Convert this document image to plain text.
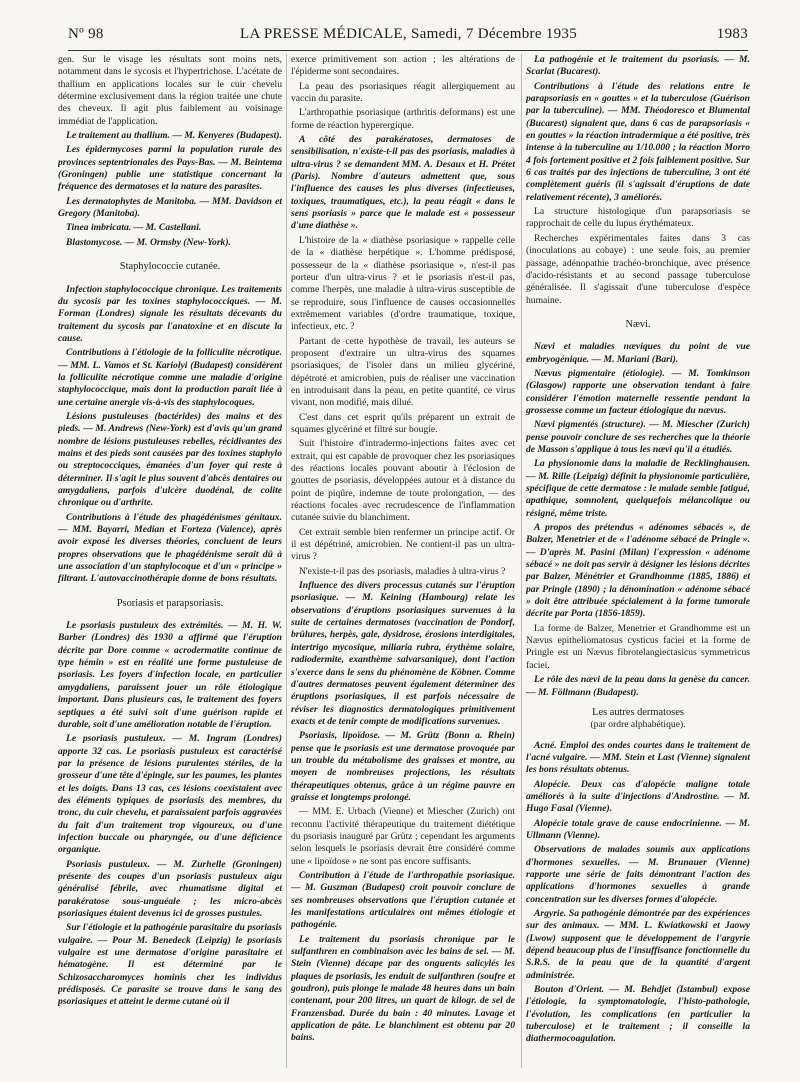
Nº 98	LA PRESSE MÉDICALE, Samedi, 7 Décembre 1935	1983

gen. Sur le visage les résultats sont moins nets, notamment dans le sycosis et l'hypertrichose. L'acétate de thallium en applications locales sur le cuir chevelu détermine exclusivement dans la région traitée une chute des cheveux. Il agit plus faiblement au voisinage immédiat de l'application.

Le traitement au thallium. — M. Kenyeres (Budapest).

Les épidermycoses parmi la population rurale des provinces septentrionales des Pays-Bas. — M. Beintema (Groningen) publie une statistique concernant la fréquence des dermatoses et la nature des parasites.

Les dermatophytes de Manitoba. — MM. Davidson et Gregory (Manitoba).

Tinea imbricata. — M. Castellani.

Blastomycose. — M. Ormsby (New-York).

Staphylococcie cutanée.

Infection staphylococcique chronique. Les traitements du sycosis par les toxines staphylococciques. — M. Forman (Londres) signale les résultats décevants du traitement du sycosis par l'anatoxine et en discute la cause.

Contributions à l'étiologie de la folliculite nécrotique. — MM. L. Vamos et St. Kariolyi (Budapest) considèrent la folliculite nécrotique comme une maladie d'origine staphylococcique, mais dont la production paraît liée à une certaine anergie vis-à-vis des staphylocoques.

Lésions pustuleuses (bactérides) des mains et des pieds. — M. Andrews (New-York) est d'avis qu'un grand nombre de lésions pustuleuses rebelles, récidivantes des mains et des pieds sont causées par des toxines staphylo ou streptococciques, émanées d'un foyer qui reste à déterminer. Il s'agit le plus souvent d'abcès dentaires ou amygdaliens, parfois d'ulcère duodénal, de colite chronique ou d'arthrite.

Contributions à l'étude des phagédénismes génitaux. — MM. Bayarri, Median et Forteza (Valence), après avoir exposé les diverses théories, concluent de leurs propres observations que le phagédénisme serait dû à une association d'un staphylocoque et d'un « principe » filtrant. L'autovaccinothérapie donne de bons résultats.

Psoriasis et parapsoriasis.

Le psoriasis pustuleux des extrémités. — M. H. W. Barber (Londres) dès 1930 a affirmé que l'éruption décrite par Dore comme « acrodermatite continue de type hémin » est en réalité une forme pustuleuse de psoriasis. Les foyers d'infection locale, en particulier amygdaliens, paraissent jouer un rôle étiologique important. Dans plusieurs cas, le traitement des foyers septiques a été suivi soit d'une guérison rapide et durable, soit d'une amélioration notable de l'éruption.

Le psoriasis pustuleux. — M. Ingram (Londres) apporte 32 cas. Le psoriasis pustuleux est caractérisé par la présence de lésions purulentes stériles, de la grosseur d'une tête d'épingle, sur les paumes, les plantes et les doigts. Dans 13 cas, ces lésions coexistaient avec des éléments typiques de psoriasis des membres, du tronc, du cuir chevelu, et paraissaient parfois aggravées du fait d'un traitement trop vigoureux, ou d'une infection buccale ou pharyngée, ou d'une déficience organique.

Psoriasis pustuleux. — M. Zurhelle (Groningen) présente des coupes d'un psoriasis pustuleux aigu généralisé fébrile, avec rhumatisme digital et parakératose sous-unguéale ; les micro-abcès psoriasiques étaient devenus ici de grosses pustules.

Sur l'étiologie et la pathogénie parasitaire du psoriasis vulgaire. — Pour M. Benedeck (Leipzig) le psoriasis vulgaire est une dermatose d'origine parasitaire et hématogène. Il est déterminé par le Schizosaccharomyces hominis chez les individus prédisposés. Ce parasite se trouve dans le sang des psoriasiques et atteint le derme cutané où il

exerce primitivement son action ; les altérations de l'épiderme sont secondaires.

La peau des psoriasiques réagit allergiquement au vaccin du parasite.

L'arthropathie psoriasique (arthritis deformans) est une forme de réaction hyperergique.

A côté des parakératoses, dermatoses de sensibilisation, n'existe-t-il pas des psoriasis, maladies à ultra-virus ? se demandent MM. A. Desaux et H. Prétet (Paris). Nombre d'auteurs admettent que, sous l'influence des causes les plus diverses (infectieuses, toxiques, traumatiques, etc.), la peau réagit « dans le sens psoriasis » parce que le malade est « possesseur d'une diathèse ».

L'histoire de la « diathèse psoriasique » rappelle celle de la « diathèse herpétique ». L'homme prédisposé, possesseur de la « diathèse psoriasique », n'est-il pas porteur d'un ultra-virus ? et le psoriasis n'est-il pas, comme l'herpès, une maladie à ultra-virus susceptible de se reproduire, sous l'influence de causes occasionnelles extrêmement variables (d'ordre traumatique, toxique, infectieux, etc. ?

Partant de cette hypothèse de travail, les auteurs se proposent d'extraire un ultra-virus des squames psoriasiques, de l'isoler dans un milieu glycériné, dépétroté et amicrobien, puis de réaliser une vaccination en introduisant dans la peau, en petite quantité, ce virus vivant, non modifié, mais dilué.

C'est dans cet esprit qu'ils préparent un extrait de squames glycériné et filtré sur bougie.

Suit l'histoire d'intradermo-injections faites avec cet extrait, qui est capable de provoquer chez les psoriasiques des réactions locales pouvant aboutir à l'éclosion de gouttes de psoriasis, développées autour et à distance du point de piqûre, indemne de toute prolongation, — des réactions focales avec recrudescence de l'inflammation cutanée suivie du blanchiment.

Cet extrait semble bien renfermer un principe actif. Or il est dépétriné, amicrobien. Ne contient-il pas un ultra-virus ?

N'existe-t-il pas des psoriasis, maladies à ultra-virus ?

Influence des divers processus cutanés sur l'éruption psoriasique. — M. Keining (Hambourg) relate les observations d'éruptions psoriasiques survenues à la suite de certaines dermatoses (vaccination de Pondorf, brûlures, herpès, gale, dysidrose, érosions interdigitales, intertrigo mycosique, miliaria rubra, érythème solaire, radiodermite, exanthème salvarsanique), dont l'action s'exerce dans le sens du phénomène de Köbner. Comme d'autres dermatoses peuvent également déterminer des éruptions psoriasiques, il est parfois nécessaire de réviser les diagnostics dermatologiques primitivement exacts et de tenir compte de modifications survenues.

Psoriasis, lipoïdose. — M. Grütz (Bonn a. Rhein) pense que le psoriasis est une dermatose provoquée par un trouble du métabolisme des graisses et montre, au moyen de nombreuses projections, les résultats thérapeutiques obtenus, grâce à un régime pauvre en graisse et longtemps prolongé.

— MM. E. Urbach (Vienne) et Miescher (Zurich) ont reconnu l'activité thérapeutique du traitement diététique du psoriasis inauguré par Grütz ; cependant les arguments selon lesquels le psoriasis devrait être considéré comme une « lipoïdose » ne sont pas encore suffisants.

Contribution à l'étude de l'arthropathie psoriasique. — M. Guszman (Budapest) croit pouvoir conclure de ses nombreuses observations que l'éruption cutanée et les manifestations articulaires ont mêmes étiologie et pathogénie.

Le traitement du psoriasis chronique par le sulfanthren en combinaison avec les bains de sel. — M. Stein (Vienne) décape par des onguents salicylés les plaques de psoriasis, les enduit de sulfanthren (soufre et goudron), puis plonge le malade 48 heures dans un bain contenant, pour 200 litres, un quart de kilogr. de sel de Franzensbad. Durée du bain : 40 minutes. Lavage et application de pâte. Le blanchiment est obtenu par 20 bains.

La pathogénie et le traitement du psoriasis. — M. Scarlat (Bucarest).

Contributions à l'étude des relations entre le parapsoriasis en « gouttes » et la tuberculose (Guérison par la tuberculine). — MM. Théodoresco et Blumental (Bucarest) signalent que, dans 6 cas de parapsoriasis « en gouttes » la réaction intradermique a été positive, très intense à la tuberculine au 1/10.000 ; la réaction Morro 4 fois fortement positive et 2 fois faiblement positive. Sur 6 cas traités par des injections de tuberculine, 3 ont été complètement guéris (il s'agissait d'éruptions de date relativement récente), 3 améliorés.

La structure histologique d'un parapsoriasis se rapprochait de celle du lupus érythémateux.

Recherches expérimentales faites dans 3 cas (inoculations au cobaye) : une seule fois, au premier passage, adénopathie trachéo-bronchique, avec présence d'acido-résistants et au second passage tuberculose généralisée. Il s'agissait d'une tuberculose d'espèce humaine.

Nævi.

Nævi et maladies næviques du point de vue embryogénique. — M. Mariani (Bari).

Nævus pigmentaire (étiologie). — M. Tomkinson (Glasgow) rapporte une observation tendant à faire considérer l'émotion maternelle ressentie pendant la grossesse comme un facteur étiologique du nævus.

Nævi pigmentés (structure). — M. Miescher (Zurich) pense pouvoir conclure de ses recherches que la théorie de Masson s'applique à tous les nævi qu'il a étudiés.

La physionomie dans la maladie de Recklinghausen. — M. Rille (Leipzig) définit la physionomie particulière, spécifique de cette dermatose : le malade semble fatigué, apathique, somnolent, quelquefois mélancolique ou résigné, même triste.

A propos des prétendus « adénomes sébacés », de Balzer, Menetrier et de « l'adénome sébacé de Pringle ». — D'après M. Pasini (Milan) l'expression « adénome sébacé » ne doit pas servir à désigner les lésions décrites par Balzer, Ménétrier et Grandhomme (1885, 1886) et par Pringle (1890) ; la dénomination « adénome sébacé » doit être attribuée spécialement à la forme tumorale décrite par Porta (1856-1859).

La forme de Balzer, Menetrier et Grandhomme est un Nævus epitheliomatosus cysticus faciei et la forme de Pringle est un Nævus fibrotelangiectasicus symmetricus faciei.

Le rôle des nævi de la peau dans la genèse du cancer. — M. Föllmann (Budapest).

Les autres dermatoses
(par ordre alphabétique).

Acné. Emploi des ondes courtes dans le traitement de l'acné vulgaire. — MM. Stein et Last (Vienne) signalent les bons résultats obtenus.

Alopécie. Deux cas d'alopécie maligne totale améliorés à la suite d'injections d'Androstine. — M. Hugo Fasal (Vienne).

Alopécie totale grave de cause endocrinienne. — M. Ullmann (Vienne).

Observations de malades soumis aux applications d'hormones sexuelles. — M. Brunauer (Vienne) rapporte une série de faits démontrant l'action des applications d'hormones sexuelles à grande concentration sur les diverses formes d'alopécie.

Argyrie. Sa pathogénie démontrée par des expériences sur des animaux. — MM. L. Kwiatkowski et Jaowy (Lwow) supposent que le développement de l'argyrie dépend beaucoup plus de l'insuffisance fonctionnelle du S.R.S. de la peau que de la quantité d'argent administrée.

Bouton d'Orient. — M. Behdjet (Istambul) expose l'étiologie, la symptomatologie, l'histo-pathologie, l'évolution, les complications (en particulier la tuberculose) et le traitement ; il conseille la diathermocoagulation.
